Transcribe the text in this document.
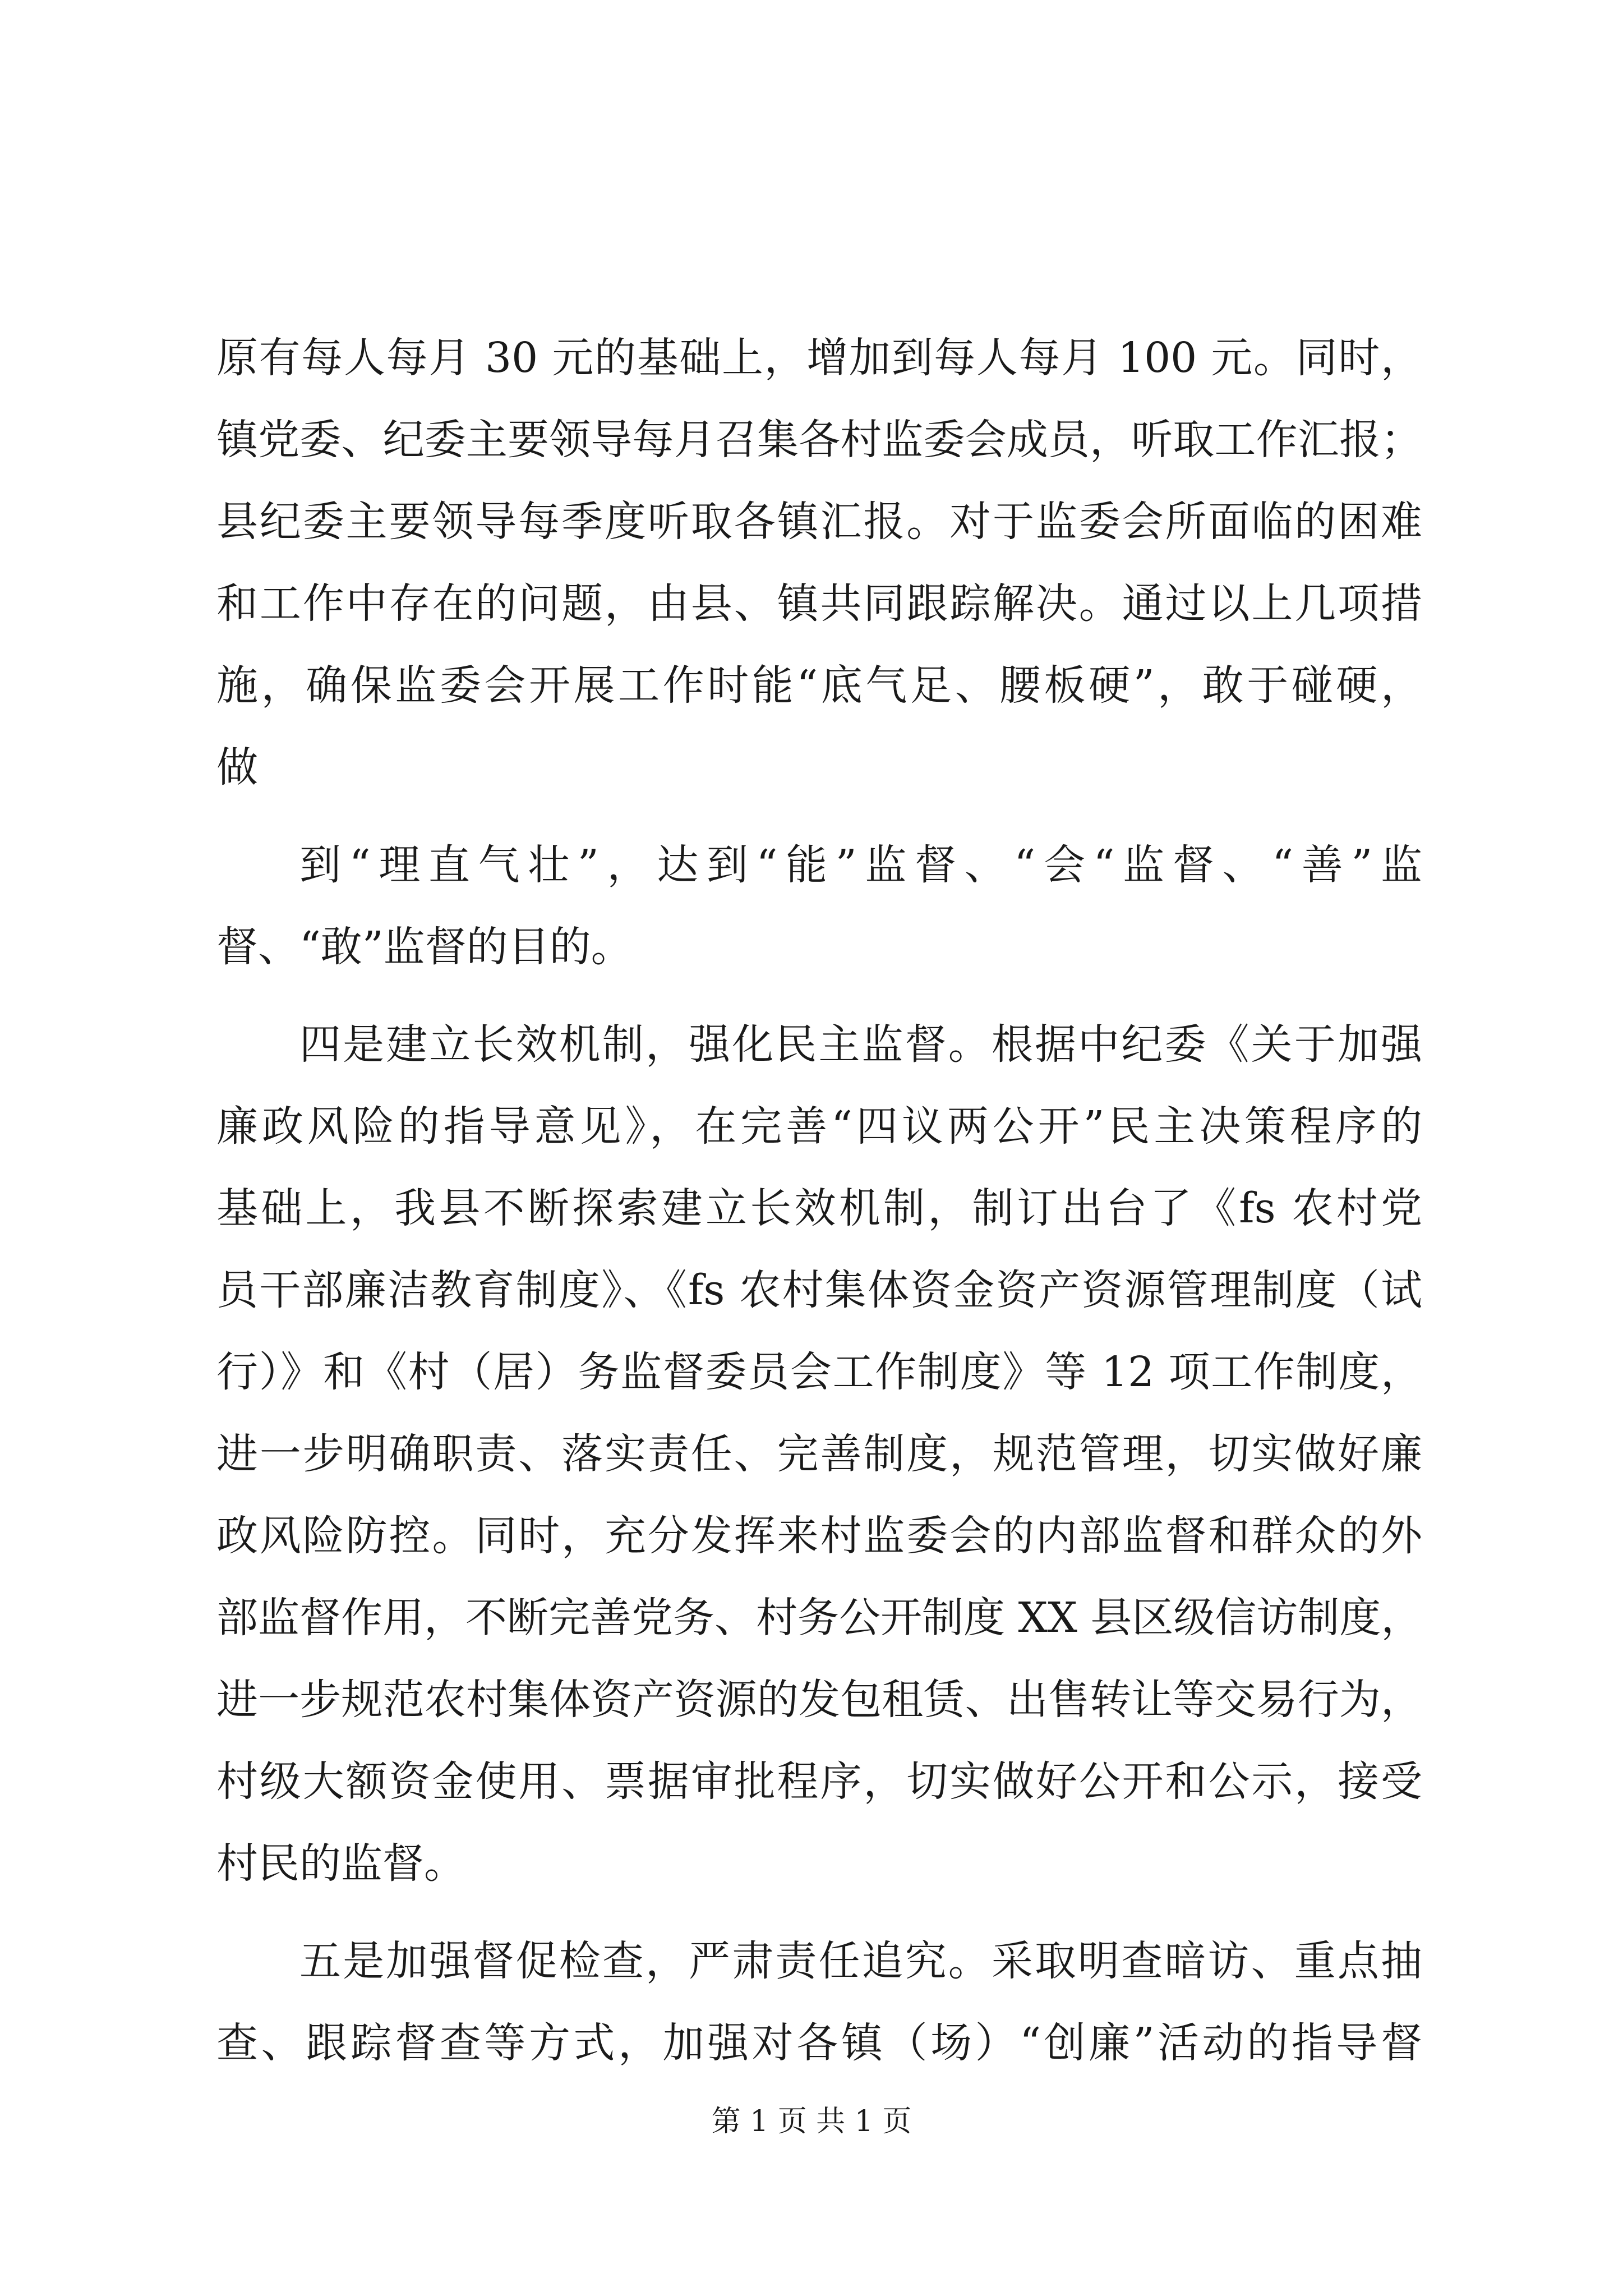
原有每人每月 30 元的基础上，增加到每人每月 100 元。同时，
镇党委、纪委主要领导每月召集各村监委会成员，听取工作汇报；
县纪委主要领导每季度听取各镇汇报。对于监委会所面临的困难
和工作中存在的问题，由县、镇共同跟踪解决。通过以上几项措
施，确保监委会开展工作时能“底气足、腰板硬”，敢于碰硬，
做
到“理直气壮”，达到“能”监督、“会“监督、“善”监
督、“敢”监督的目的。
四是建立长效机制，强化民主监督。根据中纪委《关于加强
廉政风险的指导意见》，在完善“四议两公开”民主决策程序的
基础上，我县不断探索建立长效机制，制订出台了《fs 农村党
员干部廉洁教育制度》、《fs 农村集体资金资产资源管理制度（试
行）》和《村（居）务监督委员会工作制度》等 12 项工作制度，
进一步明确职责、落实责任、完善制度，规范管理，切实做好廉
政风险防控。同时，充分发挥来村监委会的内部监督和群众的外
部监督作用，不断完善党务、村务公开制度 XX 县区级信访制度，
进一步规范农村集体资产资源的发包租赁、出售转让等交易行为，
村级大额资金使用、票据审批程序，切实做好公开和公示，接受
村民的监督。
五是加强督促检查，严肃责任追究。采取明查暗访、重点抽
查、跟踪督查等方式，加强对各镇（场）“创廉”活动的指导督
第 1 页 共 1 页
